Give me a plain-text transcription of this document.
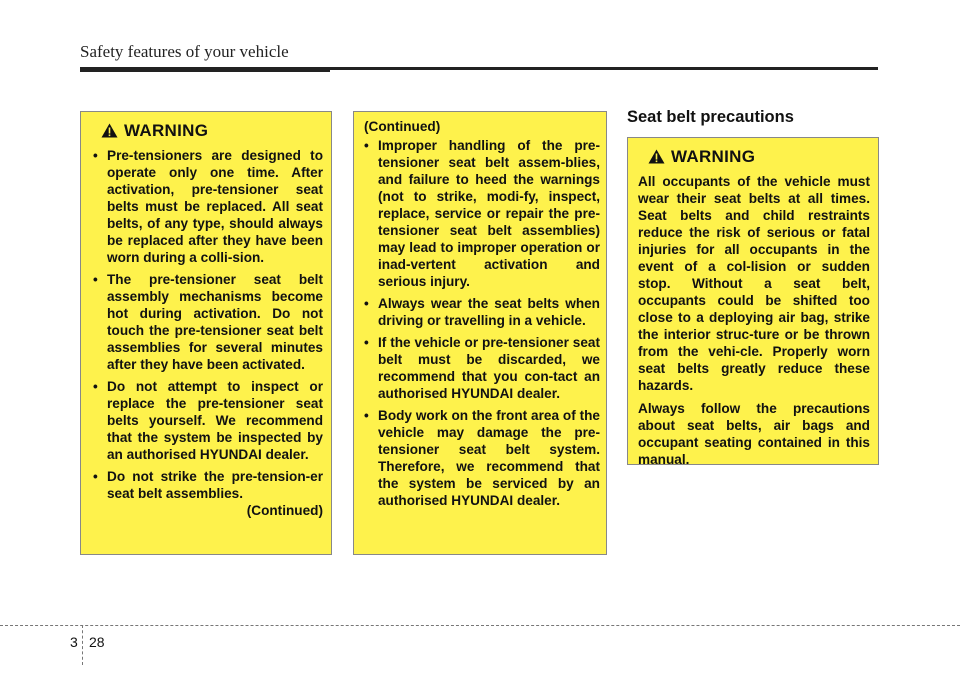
Safety features of your vehicle
WARNING
• Pre-tensioners are designed to operate only one time. After activation, pre-tensioner seat belts must be replaced. All seat belts, of any type, should always be replaced after they have been worn during a colli-sion.
• The pre-tensioner seat belt assembly mechanisms become hot during activation. Do not touch the pre-tensioner seat belt assemblies for several minutes after they have been activated.
• Do not attempt to inspect or replace the pre-tensioner seat belts yourself. We recommend that the system be inspected by an authorised HYUNDAI dealer.
• Do not strike the pre-tension-er seat belt assemblies.
(Continued)
(Continued)
• Improper handling of the pre-tensioner seat belt assem-blies, and failure to heed the warnings (not to strike, modi-fy, inspect, replace, service or repair the pre-tensioner seat belt assemblies) may lead to improper operation or inad-vertent activation and serious injury.
• Always wear the seat belts when driving or travelling in a vehicle.
• If the vehicle or pre-tensioner seat belt must be discarded, we recommend that you con-tact an authorised HYUNDAI dealer.
• Body work on the front area of the vehicle may damage the pre-tensioner seat belt system. Therefore, we recommend that the system be serviced by an authorised HYUNDAI dealer.
Seat belt precautions
WARNING

All occupants of the vehicle must wear their seat belts at all times. Seat belts and child restraints reduce the risk of serious or fatal injuries for all occupants in the event of a col-lision or sudden stop. Without a seat belt, occupants could be shifted too close to a deploying air bag, strike the interior struc-ture or be thrown from the vehi-cle. Properly worn seat belts greatly reduce these hazards.

Always follow the precautions about seat belts, air bags and occupant seating contained in this manual.

3 28
